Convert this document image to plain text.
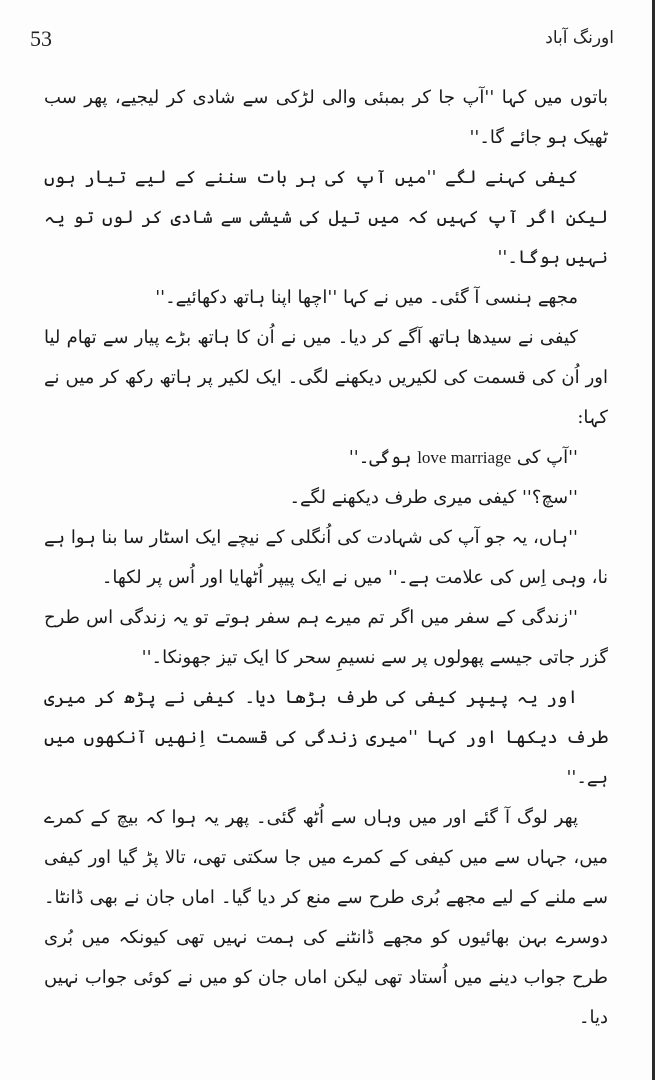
53	اورنگ آباد

باتوں میں کہا ''آپ جا کر بمبئی والی لڑکی سے شادی کر لیجیے، پھر سب ٹھیک ہو جائے گا۔''

کیفی کہنے لگے ''میں آپ کی ہر بات سننے کے لیے تیار ہوں لیکن اگر آپ کہیں کہ میں تیل کی شیشی سے شادی کر لوں تو یہ نہیں ہوگا۔''

مجھے ہنسی آ گئی۔ میں نے کہا ''اچھا اپنا ہاتھ دکھائیے۔''

کیفی نے سیدھا ہاتھ آگے کر دیا۔ میں نے اُن کا ہاتھ بڑے پیار سے تھام لیا اور اُن کی قسمت کی لکیریں دیکھنے لگی۔ ایک لکیر پر ہاتھ رکھ کر میں نے کہا:

''آپ کی love marriage ہوگی۔''

''سچ؟'' کیفی میری طرف دیکھنے لگے۔

''ہاں، یہ جو آپ کی شہادت کی اُنگلی کے نیچے ایک اسٹار سا بنا ہوا ہے نا، وہی اِس کی علامت ہے۔'' میں نے ایک پیپر اُٹھایا اور اُس پر لکھا۔

''زندگی کے سفر میں اگر تم میرے ہم سفر ہوتے تو یہ زندگی اس طرح گزر جاتی جیسے پھولوں پر سے نسیمِ سحر کا ایک تیز جھونکا۔''

اور یہ پیپر کیفی کی طرف بڑھا دیا۔ کیفی نے پڑھ کر میری طرف دیکھا اور کہا ''میری زندگی کی قسمت اِنھیں آنکھوں میں ہے۔''

پھر لوگ آ گئے اور میں وہاں سے اُٹھ گئی۔ پھر یہ ہوا کہ بیچ کے کمرے میں، جہاں سے میں کیفی کے کمرے میں جا سکتی تھی، تالا پڑ گیا اور کیفی سے ملنے کے لیے مجھے بُری طرح سے منع کر دیا گیا۔ اماں جان نے بھی ڈانٹا۔ دوسرے بہن بھائیوں کو مجھے ڈانٹنے کی ہمت نہیں تھی کیونکہ میں بُری طرح جواب دینے میں اُستاد تھی لیکن اماں جان کو میں نے کوئی جواب نہیں دیا۔
